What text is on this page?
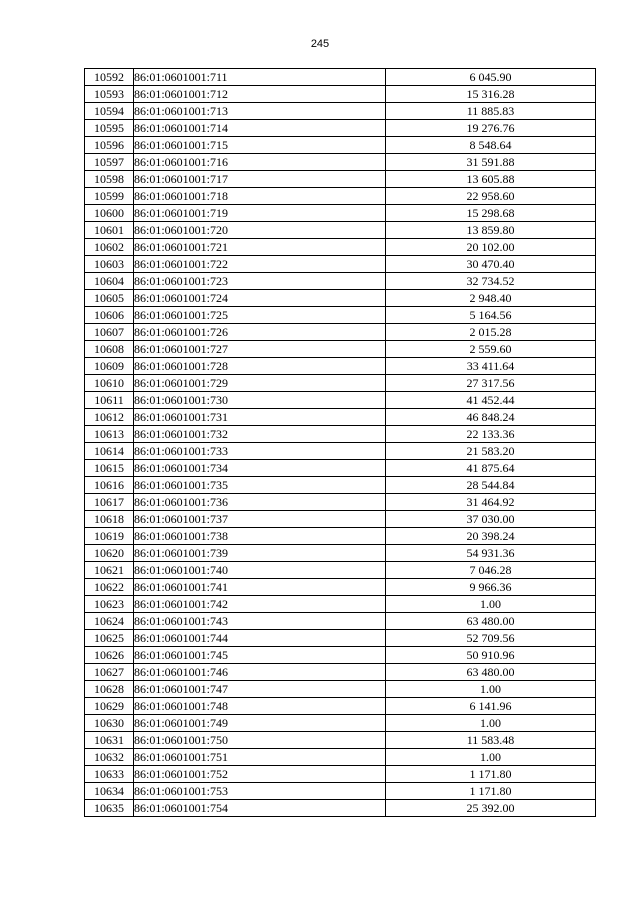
245
10592	86:01:0601001:711	6 045.90
10593	86:01:0601001:712	15 316.28
10594	86:01:0601001:713	11 885.83
10595	86:01:0601001:714	19 276.76
10596	86:01:0601001:715	8 548.64
10597	86:01:0601001:716	31 591.88
10598	86:01:0601001:717	13 605.88
10599	86:01:0601001:718	22 958.60
10600	86:01:0601001:719	15 298.68
10601	86:01:0601001:720	13 859.80
10602	86:01:0601001:721	20 102.00
10603	86:01:0601001:722	30 470.40
10604	86:01:0601001:723	32 734.52
10605	86:01:0601001:724	2 948.40
10606	86:01:0601001:725	5 164.56
10607	86:01:0601001:726	2 015.28
10608	86:01:0601001:727	2 559.60
10609	86:01:0601001:728	33 411.64
10610	86:01:0601001:729	27 317.56
10611	86:01:0601001:730	41 452.44
10612	86:01:0601001:731	46 848.24
10613	86:01:0601001:732	22 133.36
10614	86:01:0601001:733	21 583.20
10615	86:01:0601001:734	41 875.64
10616	86:01:0601001:735	28 544.84
10617	86:01:0601001:736	31 464.92
10618	86:01:0601001:737	37 030.00
10619	86:01:0601001:738	20 398.24
10620	86:01:0601001:739	54 931.36
10621	86:01:0601001:740	7 046.28
10622	86:01:0601001:741	9 966.36
10623	86:01:0601001:742	1.00
10624	86:01:0601001:743	63 480.00
10625	86:01:0601001:744	52 709.56
10626	86:01:0601001:745	50 910.96
10627	86:01:0601001:746	63 480.00
10628	86:01:0601001:747	1.00
10629	86:01:0601001:748	6 141.96
10630	86:01:0601001:749	1.00
10631	86:01:0601001:750	11 583.48
10632	86:01:0601001:751	1.00
10633	86:01:0601001:752	1 171.80
10634	86:01:0601001:753	1 171.80
10635	86:01:0601001:754	25 392.00
